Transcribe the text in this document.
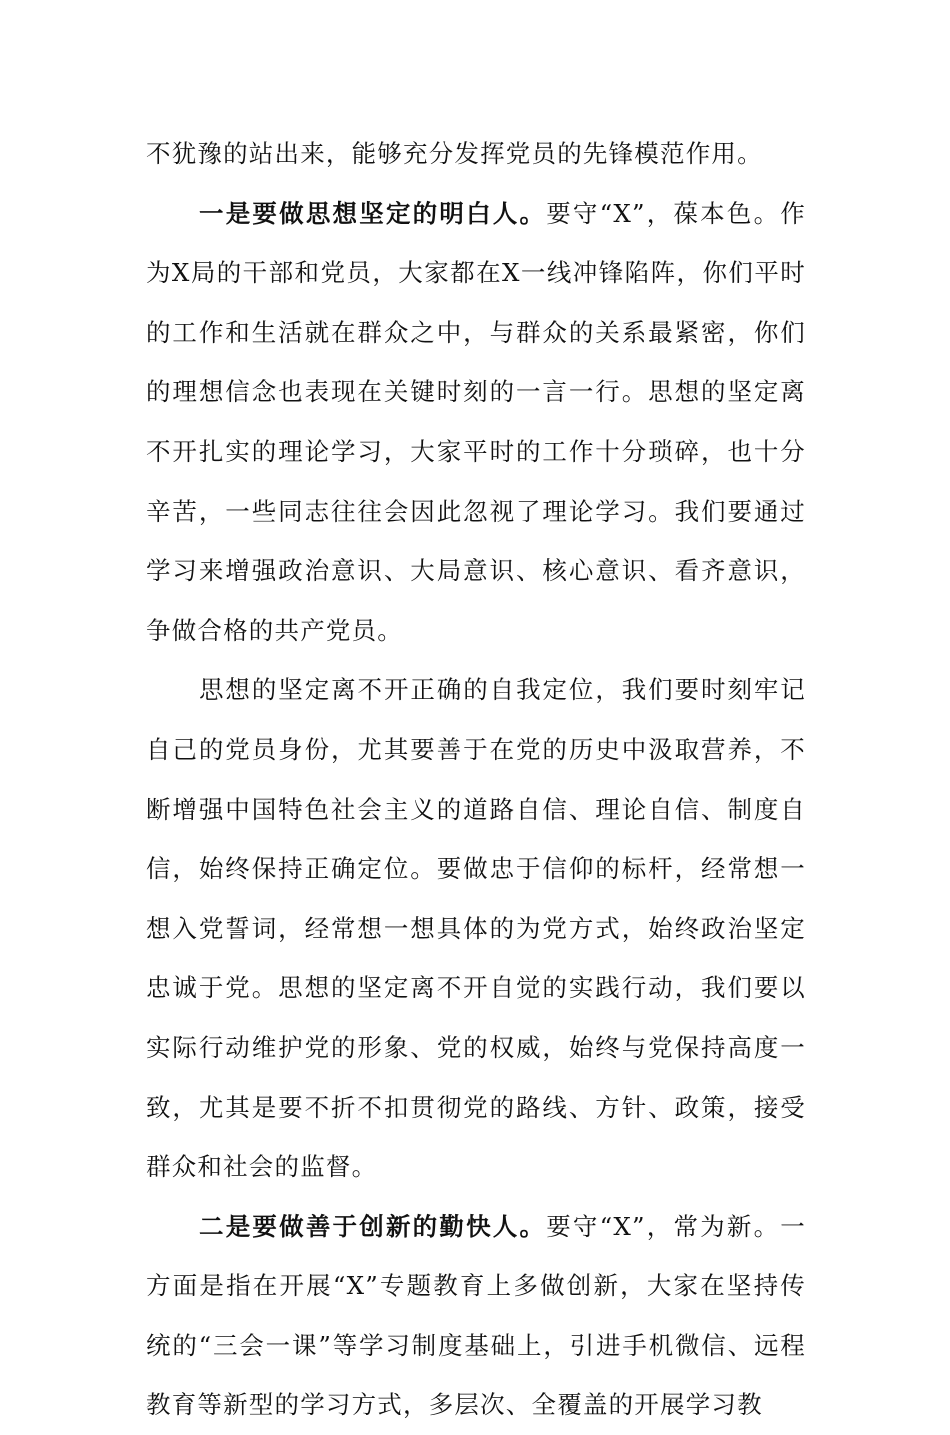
不犹豫的站出来，能够充分发挥党员的先锋模范作用。

一是要做思想坚定的明白人。要守“X”，葆本色。作为X局的干部和党员，大家都在X一线冲锋陷阵，你们平时的工作和生活就在群众之中，与群众的关系最紧密，你们的理想信念也表现在关键时刻的一言一行。思想的坚定离不开扎实的理论学习，大家平时的工作十分琐碎，也十分辛苦，一些同志往往会因此忽视了理论学习。我们要通过学习来增强政治意识、大局意识、核心意识、看齐意识，争做合格的共产党员。

思想的坚定离不开正确的自我定位，我们要时刻牢记自己的党员身份，尤其要善于在党的历史中汲取营养，不断增强中国特色社会主义的道路自信、理论自信、制度自信，始终保持正确定位。要做忠于信仰的标杆，经常想一想入党誓词，经常想一想具体的为党方式，始终政治坚定忠诚于党。思想的坚定离不开自觉的实践行动，我们要以实际行动维护党的形象、党的权威，始终与党保持高度一致，尤其是要不折不扣贯彻党的路线、方针、政策，接受群众和社会的监督。

二是要做善于创新的勤快人。要守“X”，常为新。一方面是指在开展“X”专题教育上多做创新，大家在坚持传统的“三会一课”等学习制度基础上，引进手机微信、远程教育等新型的学习方式，多层次、全覆盖的开展学习教
